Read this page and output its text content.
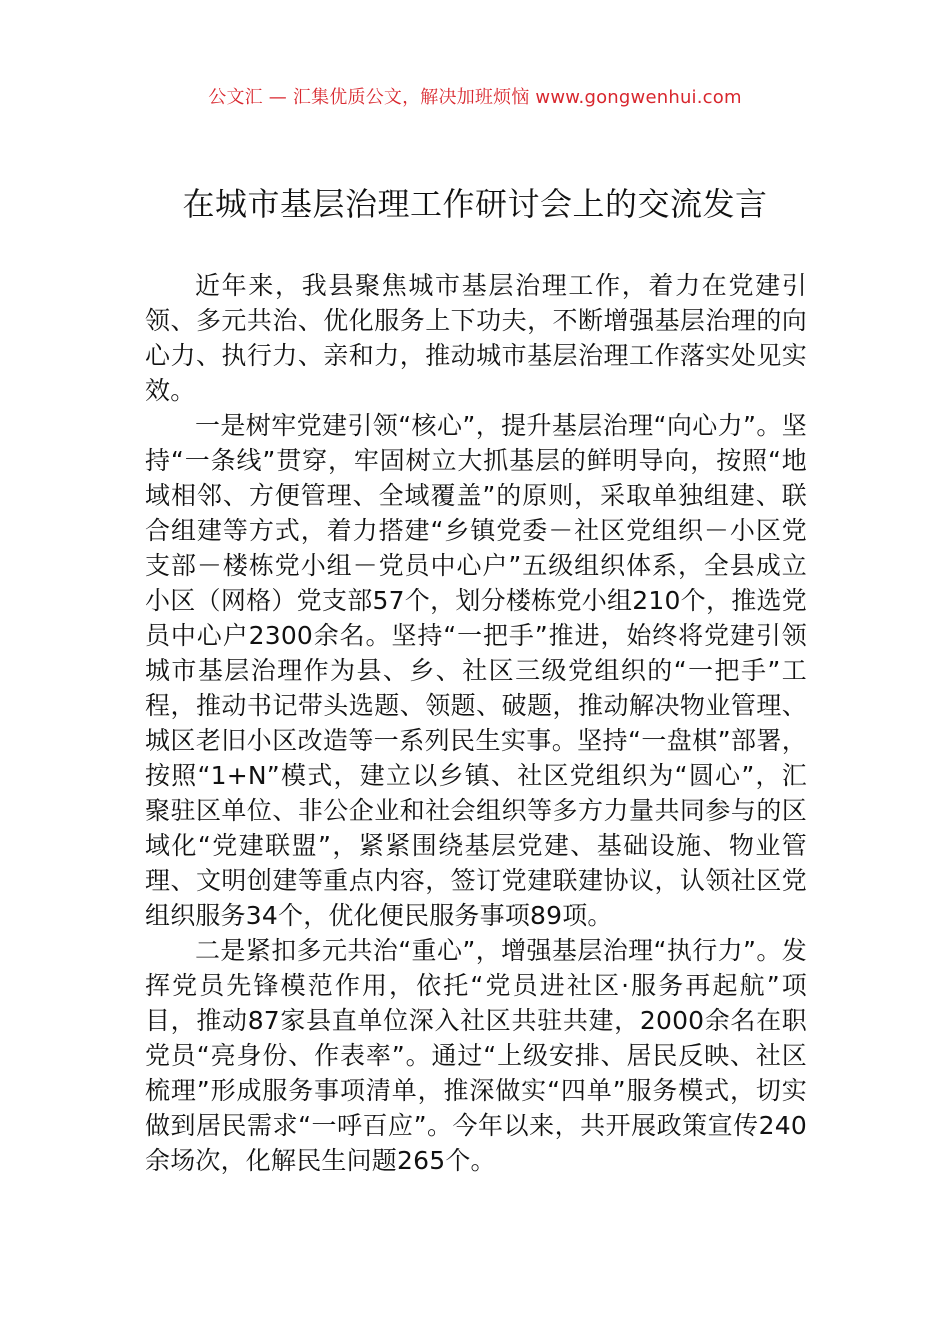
公文汇 — 汇集优质公文，解决加班烦恼 www.gongwenhui.com
在城市基层治理工作研讨会上的交流发言

近年来，我县聚焦城市基层治理工作，着力在党建引领、多元共治、优化服务上下功夫，不断增强基层治理的向心力、执行力、亲和力，推动城市基层治理工作落实处见实效。

一是树牢党建引领“核心”，提升基层治理“向心力”。坚持“一条线”贯穿，牢固树立大抓基层的鲜明导向，按照“地域相邻、方便管理、全域覆盖”的原则，采取单独组建、联合组建等方式，着力搭建“乡镇党委－社区党组织－小区党支部－楼栋党小组－党员中心户”五级组织体系，全县成立小区（网格）党支部57个，划分楼栋党小组210个，推选党员中心户2300余名。坚持“一把手”推进，始终将党建引领城市基层治理作为县、乡、社区三级党组织的“一把手”工程，推动书记带头选题、领题、破题，推动解决物业管理、城区老旧小区改造等一系列民生实事。坚持“一盘棋”部署，按照“1+N”模式，建立以乡镇、社区党组织为“圆心”，汇聚驻区单位、非公企业和社会组织等多方力量共同参与的区域化“党建联盟”，紧紧围绕基层党建、基础设施、物业管理、文明创建等重点内容，签订党建联建协议，认领社区党组织服务34个，优化便民服务事项89项。

二是紧扣多元共治“重心”，增强基层治理“执行力”。发挥党员先锋模范作用，依托“党员进社区·服务再起航”项目，推动87家县直单位深入社区共驻共建，2000余名在职党员“亮身份、作表率”。通过“上级安排、居民反映、社区梳理”形成服务事项清单，推深做实“四单”服务模式，切实做到居民需求“一呼百应”。今年以来，共开展政策宣传240余场次，化解民生问题265个。
